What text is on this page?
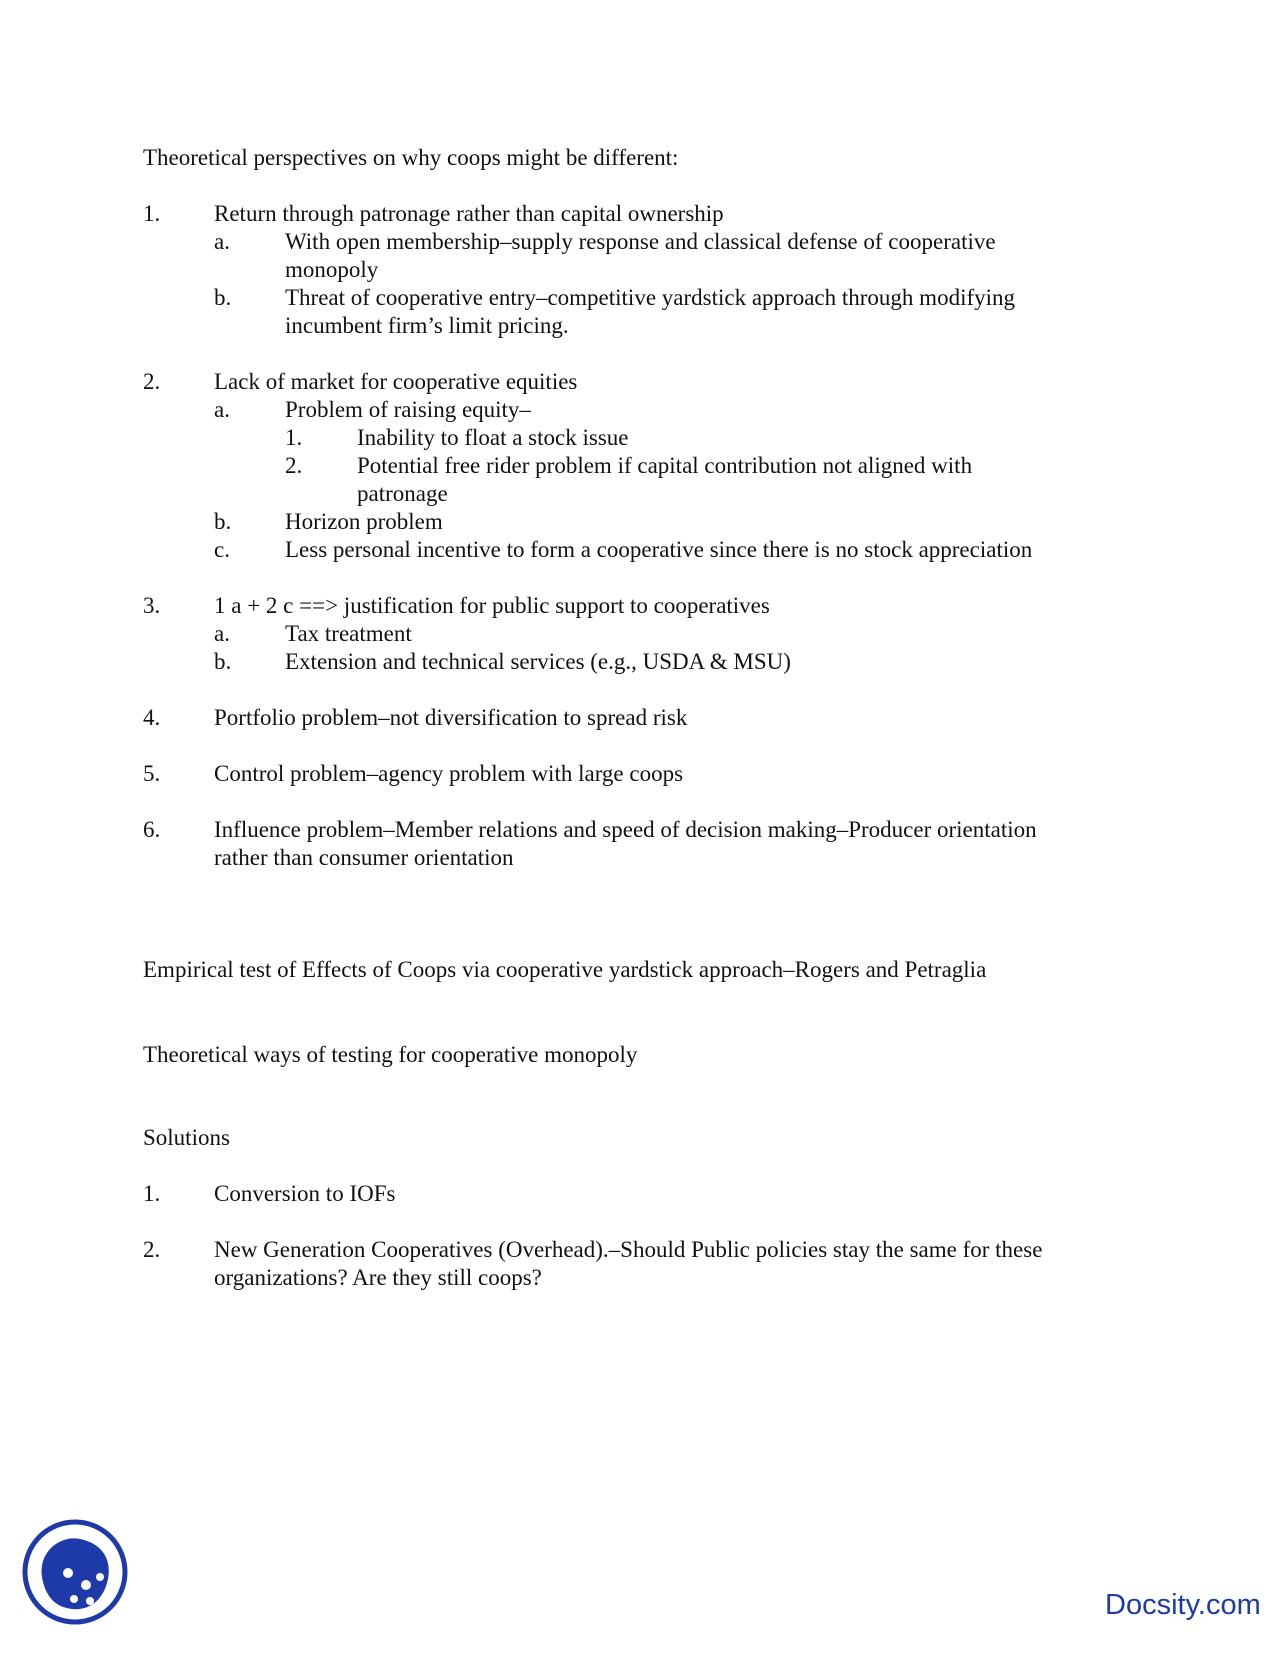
Theoretical perspectives on why coops might be different:
1. Return through patronage rather than capital ownership
a. With open membership–supply response and classical defense of cooperative
monopoly
b. Threat of cooperative entry–competitive yardstick approach through modifying
incumbent firm’s limit pricing.
2. Lack of market for cooperative equities
a. Problem of raising equity–
1. Inability to float a stock issue
2. Potential free rider problem if capital contribution not aligned with
patronage
b. Horizon problem
c. Less personal incentive to form a cooperative since there is no stock appreciation
3. 1 a + 2 c ==> justification for public support to cooperatives
a. Tax treatment
b. Extension and technical services (e.g., USDA & MSU)
4. Portfolio problem–not diversification to spread risk
5. Control problem–agency problem with large coops
6. Influence problem–Member relations and speed of decision making–Producer orientation
rather than consumer orientation
Empirical test of Effects of Coops via cooperative yardstick approach–Rogers and Petraglia
Theoretical ways of testing for cooperative monopoly
Solutions
1. Conversion to IOFs
2. New Generation Cooperatives (Overhead).–Should Public policies stay the same for these
organizations? Are they still coops?
Docsity.com
